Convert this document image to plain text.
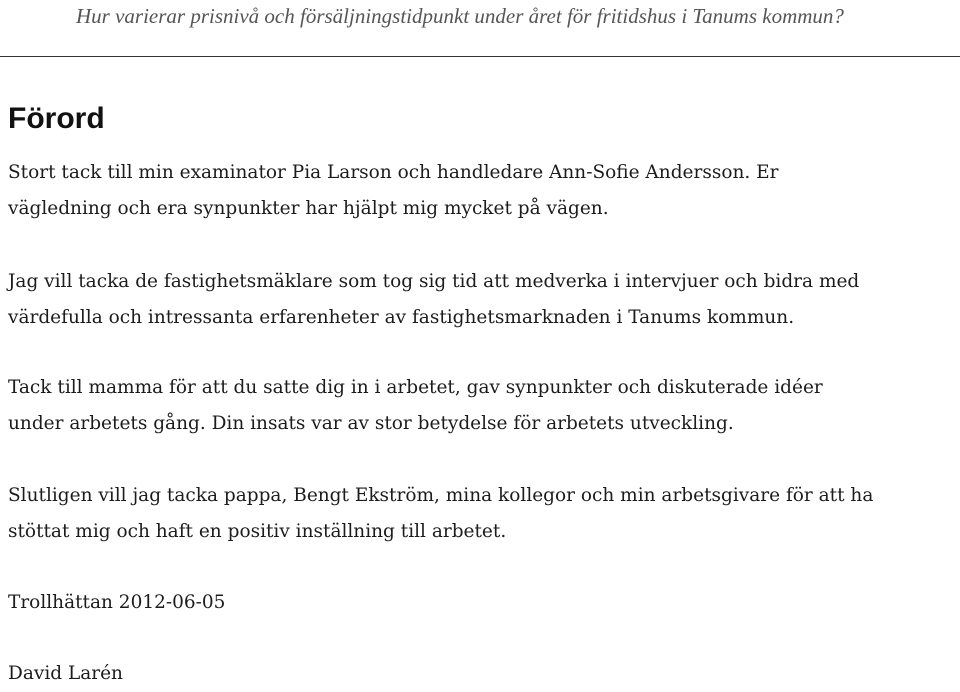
Hur varierar prisnivå och försäljningstidpunkt under året för fritidshus i Tanums kommun?
Förord

Stort tack till min examinator Pia Larson och handledare Ann-Sofie Andersson. Er
vägledning och era synpunkter har hjälpt mig mycket på vägen.

Jag vill tacka de fastighetsmäklare som tog sig tid att medverka i intervjuer och bidra med
värdefulla och intressanta erfarenheter av fastighetsmarknaden i Tanums kommun.

Tack till mamma för att du satte dig in i arbetet, gav synpunkter och diskuterade idéer
under arbetets gång. Din insats var av stor betydelse för arbetets utveckling.

Slutligen vill jag tacka pappa, Bengt Ekström, mina kollegor och min arbetsgivare för att ha
stöttat mig och haft en positiv inställning till arbetet.

Trollhättan 2012-06-05

David Larén
